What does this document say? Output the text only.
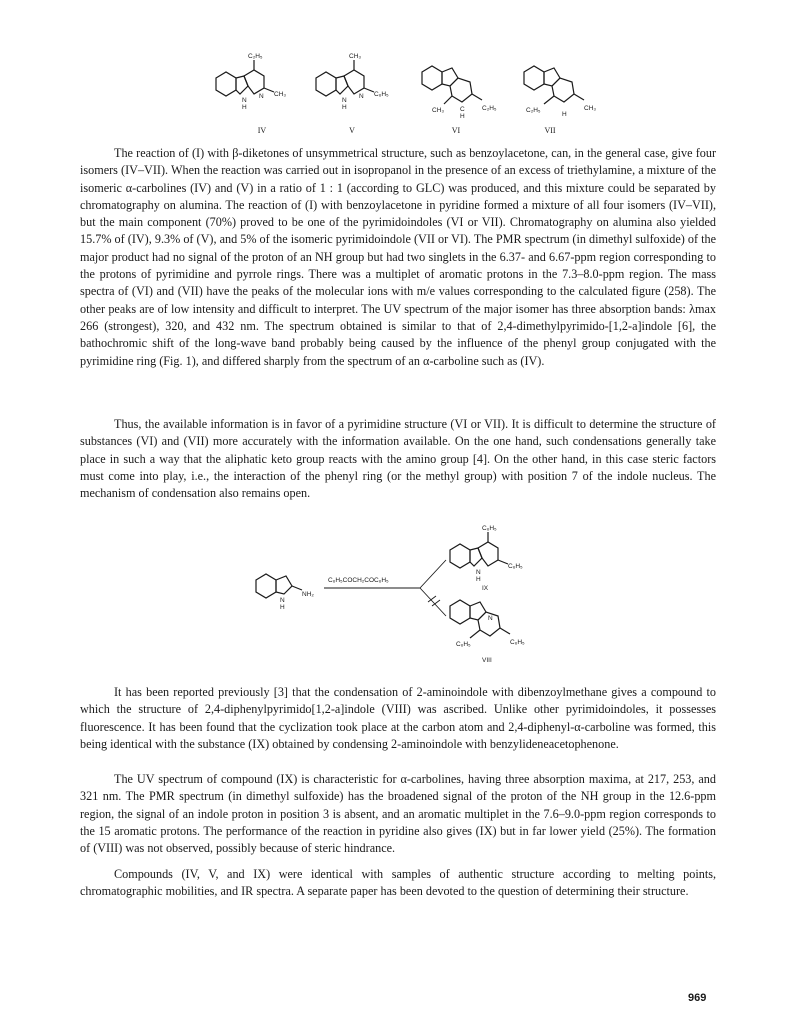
C₂H₅
CH₃
N
H
N
IV
CH₃
C₆H₅
N
H
N
V
CH₃	C₂H₅
C
H
VI
C₂H₅	CH₃
H
VII

The reaction of (I) with β-diketones of unsymmetrical structure, such as benzoylacetone, can, in the general case, give four isomers (IV–VII). When the reaction was carried out in isopropanol in the presence of an excess of triethylamine, a mixture of the isomeric α-carbolines (IV) and (V) in a ratio of 1 : 1 (according to GLC) was produced, and this mixture could be separated by chromatography on alumina. The reaction of (I) with benzoylacetone in pyridine formed a mixture of all four isomers (IV–VII), but the main component (70%) proved to be one of the pyrimidoindoles (VI or VII). Chromatography on alumina also yielded 15.7% of (IV), 9.3% of (V), and 5% of the isomeric pyrimidoindole (VII or VI). The PMR spectrum (in dimethyl sulfoxide) of the major product had no signal of the proton of an NH group but had two singlets in the 6.37- and 6.67-ppm region corresponding to the protons of pyrimidine and pyrrole rings. There was a multiplet of aromatic protons in the 7.3–8.0-ppm region. The mass spectra of (VI) and (VII) have the peaks of the molecular ions with m/e values corresponding to the calculated figure (258). The other peaks are of low intensity and difficult to interpret. The UV spectrum of the major isomer has three absorption bands: λmax 266 (strongest), 320, and 432 nm. The spectrum obtained is similar to that of 2,4-dimethylpyrimido-[1,2-a]indole [6], the bathochromic shift of the long-wave band probably being caused by the influence of the phenyl group conjugated with the pyrimidine ring (Fig. 1), and differed sharply from the spectrum of an α-carboline such as (IV).

Thus, the available information is in favor of a pyrimidine structure (VI or VII). It is difficult to determine the structure of substances (VI) and (VII) more accurately with the information available. On the one hand, such condensations generally take place in such a way that the aliphatic keto group reacts with the amino group [4]. On the other hand, in this case steric factors must come into play, i.e., the interaction of the phenyl ring (or the methyl group) with position 7 of the indole nucleus. The mechanism of condensation also remains open.

NH₂
N
H
C₆H₅COCH₂COC₆H₅
C₆H₅
C₆H₅
N
H
IX
C₆H₅	C₆H₅
N
VIII

It has been reported previously [3] that the condensation of 2-aminoindole with dibenzoylmethane gives a compound to which the structure of 2,4-diphenylpyrimido[1,2-a]indole (VIII) was ascribed. Unlike other pyrimidoindoles, it possesses fluorescence. It has been found that the cyclization took place at the carbon atom and 2,4-diphenyl-α-carboline was formed, this being identical with the substance (IX) obtained by condensing 2-aminoindole with benzylideneacetophenone.

The UV spectrum of compound (IX) is characteristic for α-carbolines, having three absorption maxima, at 217, 253, and 321 nm. The PMR spectrum (in dimethyl sulfoxide) has the broadened signal of the proton of the NH group in the 12.6-ppm region, the signal of an indole proton in position 3 is absent, and an aromatic multiplet in the 7.6–9.0-ppm region corresponds to the 15 aromatic protons. The performance of the reaction in pyridine also gives (IX) but in far lower yield (25%). The formation of (VIII) was not observed, possibly because of steric hindrance.

Compounds (IV, V, and IX) were identical with samples of authentic structure according to melting points, chromatographic mobilities, and IR spectra. A separate paper has been devoted to the question of determining their structure.

969
